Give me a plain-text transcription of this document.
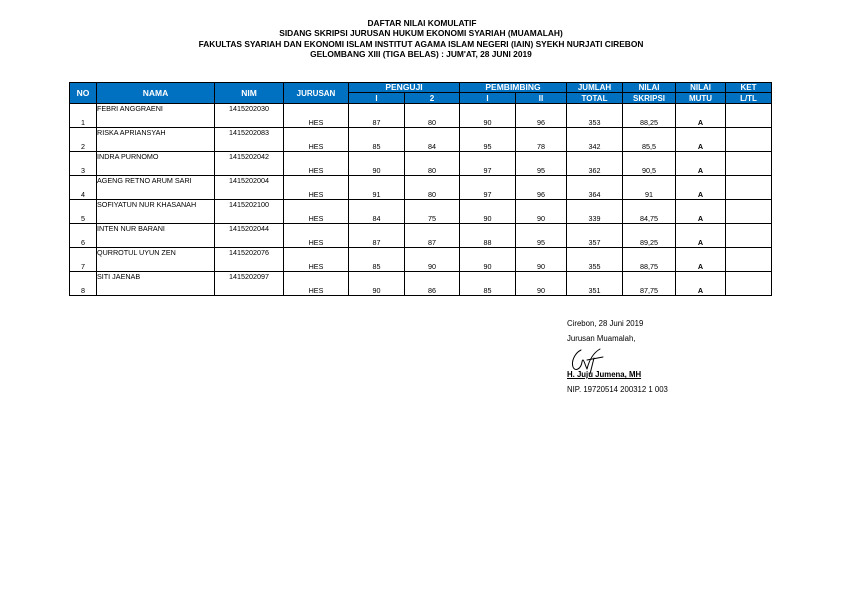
DAFTAR NILAI KOMULATIF
SIDANG SKRIPSI JURUSAN HUKUM EKONOMI SYARIAH (MUAMALAH)
FAKULTAS SYARIAH DAN EKONOMI ISLAM INSTITUT AGAMA ISLAM NEGERI (IAIN) SYEKH NURJATI CIREBON
GELOMBANG XIII (TIGA BELAS) : JUM'AT, 28 JUNI 2019
NO	NAMA	NIM	JURUSAN	PENGUJI		PEMBIMBING		JUMLAH	NILAI	NILAI	KET
				I	2	I	II	TOTAL	SKRIPSI	MUTU	L/TL
1	FEBRI ANGGRAENI	1415202030	HES	87	80	90	96	353	88,25	A	
2	RISKA APRIANSYAH	1415202083	HES	85	84	95	78	342	85,5	A	
3	INDRA PURNOMO	1415202042	HES	90	80	97	95	362	90,5	A	
4	AGENG RETNO ARUM SARI	1415202004	HES	91	80	97	96	364	91	A	
5	SOFIYATUN NUR KHASANAH	1415202100	HES	84	75	90	90	339	84,75	A	
6	INTEN NUR BARANI	1415202044	HES	87	87	88	95	357	89,25	A	
7	QURROTUL UYUN ZEN	1415202076	HES	85	90	90	90	355	88,75	A	
8	SITI JAENAB	1415202097	HES	90	86	85	90	351	87,75	A	
Cirebon, 28 Juni 2019
Jurusan Muamalah,
H. Juju Jumena, MH
NIP. 19720514 200312 1 003
